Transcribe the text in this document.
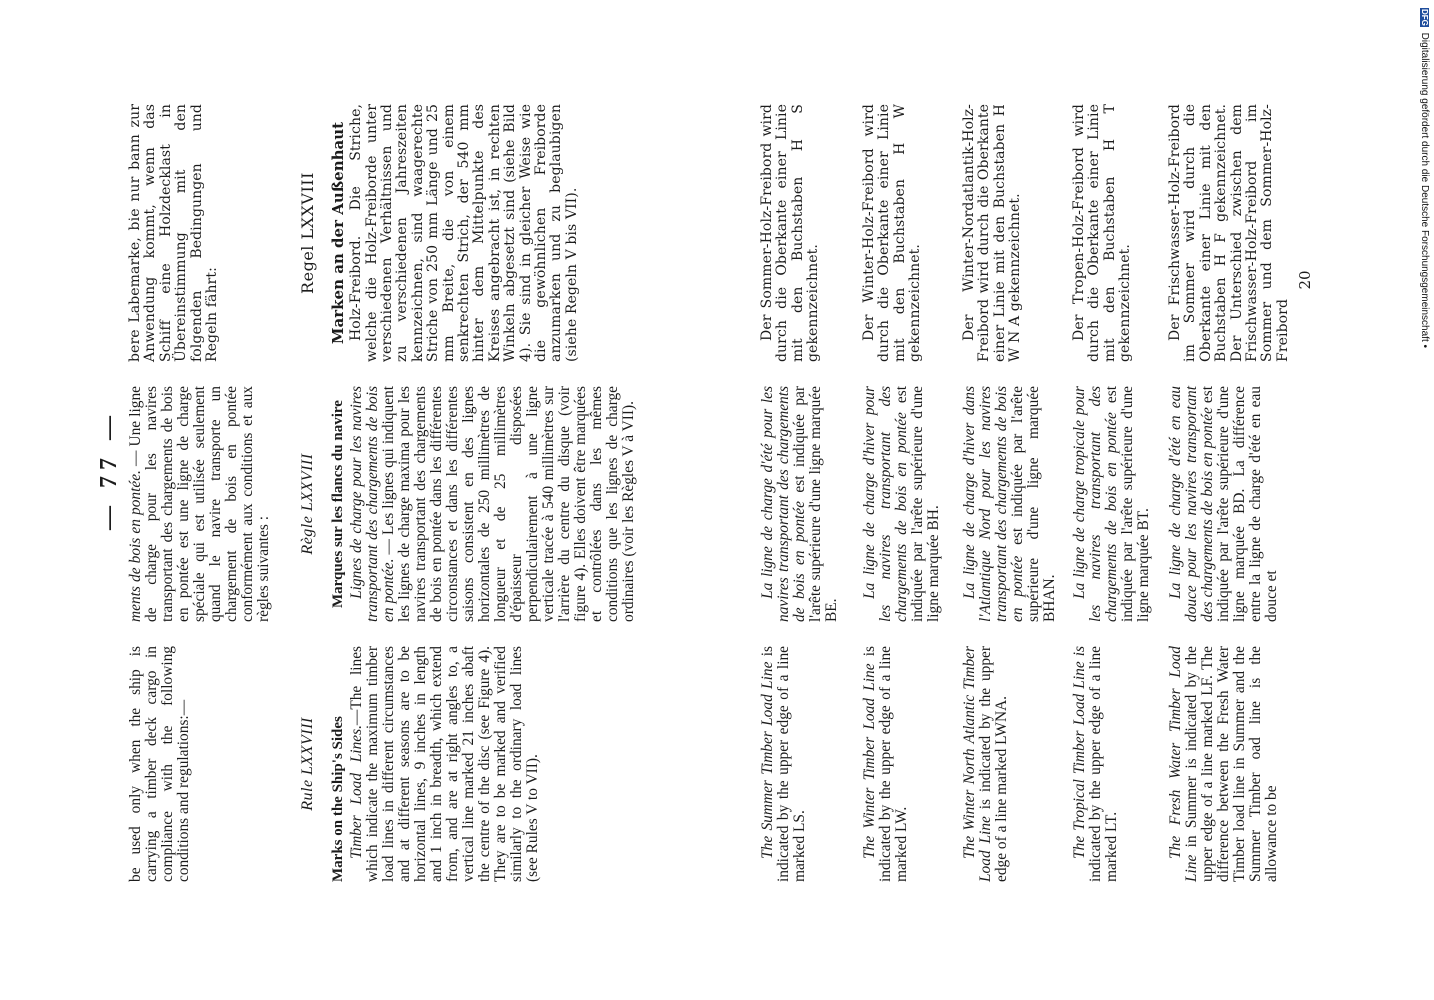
— 77 —

be used only when the ship is carrying a timber deck cargo in compliance with the following conditions and regulations:—

ments de bois en pontée. — Une ligne de charge pour les navires transportant des chargements de bois en pontée est une ligne de charge spéciale qui est utilisée seulement quand le navire transporte un chargement de bois en pontée conformément aux conditions et aux règles suivantes :

bere Labemarke, bie nur bann zur Anwendung kommt, wenn das Schiff eine Holzdecklast in Übereinstimmung mit den folgenden Bedingungen und Regeln fährt:

Rule LXXVIII Marks on the Ship's Sides Timber Load Lines.—The lines which indicate the maximum timber load lines in different circumstances and at different seasons are to be horizontal lines, 9 inches in length and 1 inch in breadth, which extend from, and are at right angles to, a vertical line marked 21 inches abaft the centre of the disc (see Figure 4). They are to be marked and verified similarly to the ordinary load lines (see Rules V to VII).

Règle LXXVIII Marques sur les flancs du navire Lignes de charge pour les navires transportant des chargements de bois en pontée. — Les lignes qui indiquent les lignes de charge maxima pour les navires transportant des chargements de bois en pontée dans les différentes circonstances et dans les différentes saisons consistent en des lignes horizontales de 250 millimètres de longueur et de 25 millimètres d'épaisseur disposées perpendiculairement à une ligne verticale tracée à 540 millimètres sur l'arrière du centre du disque (voir figure 4). Elles doivent être marquées et contrôlées dans les mêmes conditions que les lignes de charge ordinaires (voir les Règles V à VII).

Regel LXXVIII Marken an der Außenhaut Holz-Freibord. Die Striche, welche die Holz-Freiborde unter verschiedenen Verhältnissen und zu verschiedenen Jahreszeiten kennzeichnen, sind waagerechte Striche von 250 mm Länge und 25 mm Breite, die von einem senkrechten Strich, der 540 mm hinter dem Mittelpunkte des Kreises angebracht ist, in rechten Winkeln abgesetzt sind (siehe Bild 4). Sie sind in gleicher Weise wie die gewöhnlichen Freiborde anzumarken und zu beglaubigen (siehe Regeln V bis VII).

The Summer Timber Load Line is indicated by the upper edge of a line marked LS.

La ligne de charge d'été pour les navires transportant des chargements de bois en pontée est indiquée par l'arête supérieure d'une ligne marquée BE.

Der Sommer-Holz-Freibord wird durch die Oberkante einer Linie mit den Buchstaben H S gekennzeichnet.

The Winter Timber Load Line is indicated by the upper edge of a line marked LW.

La ligne de charge d'hiver pour les navires transportant des chargements de bois en pontée est indiquée par l'arête supérieure d'une ligne marquée BH.

Der Winter-Holz-Freibord wird durch die Oberkante einer Linie mit den Buchstaben H W gekennzeichnet.

The Winter North Atlantic Timber Load Line is indicated by the upper edge of a line marked LWNA.

La ligne de charge d'hiver dans l'Atlantique Nord pour les navires transportant des chargements de bois en pontée est indiquée par l'arête supérieure d'une ligne marquée BHAN.

Der Winter-Nordatlantik-Holz-Freibord wird durch die Oberkante einer Linie mit den Buchstaben H W N A gekennzeichnet.

The Tropical Timber Load Line is indicated by the upper edge of a line marked LT.

La ligne de charge tropicale pour les navires transportant des chargements de bois en pontée est indiquée par l'arête supérieure d'une ligne marquée BT.

Der Tropen-Holz-Freibord wird durch die Oberkante einer Linie mit den Buchstaben H T gekennzeichnet.

The Fresh Water Timber Load Line in Summer is indicated by the upper edge of a line marked LF. The difference between the Fresh Water Timber load line in Summer and the Summer Timber oad line is the allowance to be

La ligne de charge d'été en eau douce pour les navires transportant des chargements de bois en pontée est indiquée par l'arête supérieure d'une ligne marquée BD. La différence entre la ligne de charge d'été en eau douce et

Der Frischwasser-Holz-Freibord im Sommer wird durch die Oberkante einer Linie mit den Buchstaben H F gekennzeichnet. Der Unterschied zwischen dem Frischwasser-Holz-Freibord im Sommer und dem Sommer-Holz-Freibord

20
DFG Digitalisierung gefördert durch die Deutsche Forschungsgemeinschaft •
